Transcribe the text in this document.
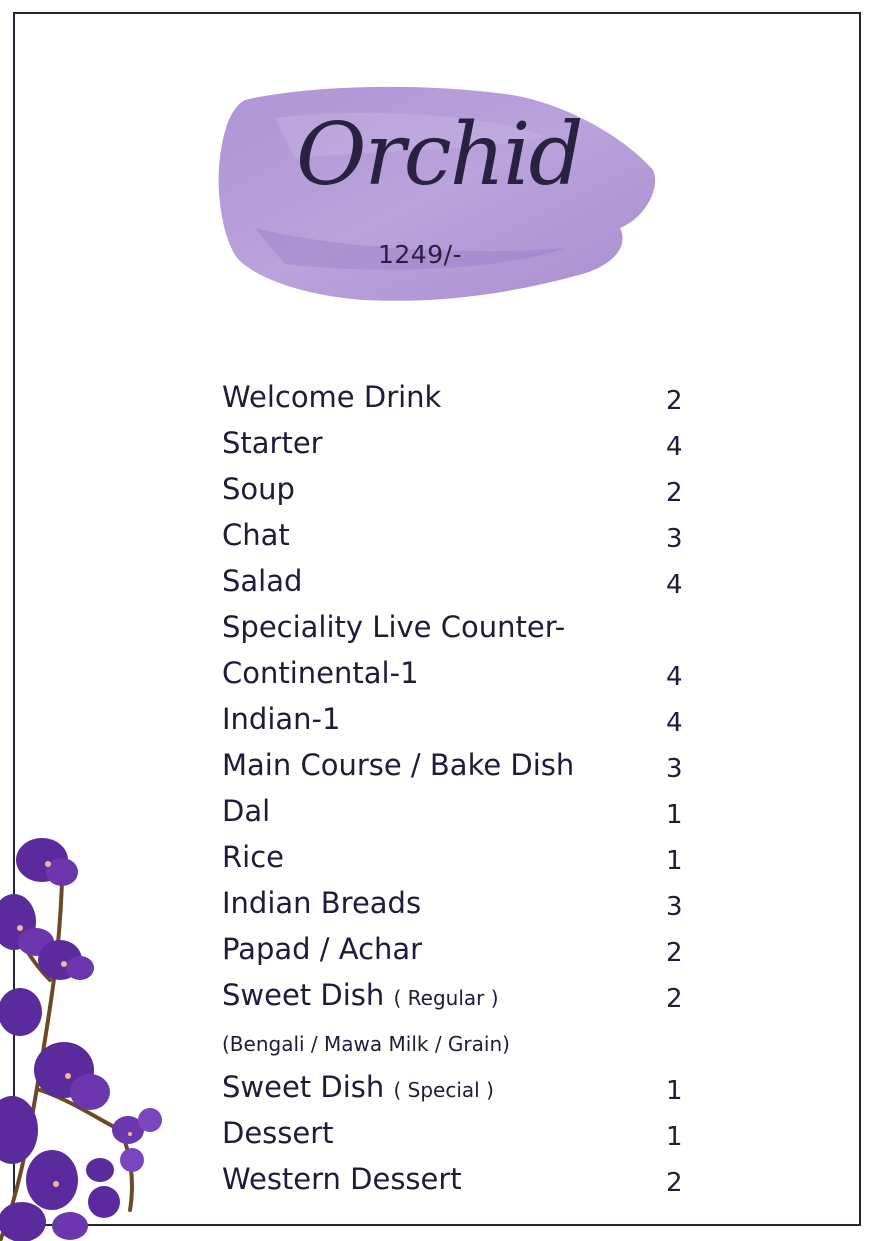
Orchid
1249/-
Welcome Drink	2
Starter	4
Soup	2
Chat	3
Salad	4
Speciality Live Counter-
Continental-1	4
Indian-1	4
Main Course / Bake Dish	3
Dal	1
Rice	1
Indian Breads	3
Papad / Achar	2
Sweet Dish ( Regular )	2
(Bengali / Mawa Milk / Grain)
Sweet Dish ( Special )	1
Dessert	1
Western Dessert	2
